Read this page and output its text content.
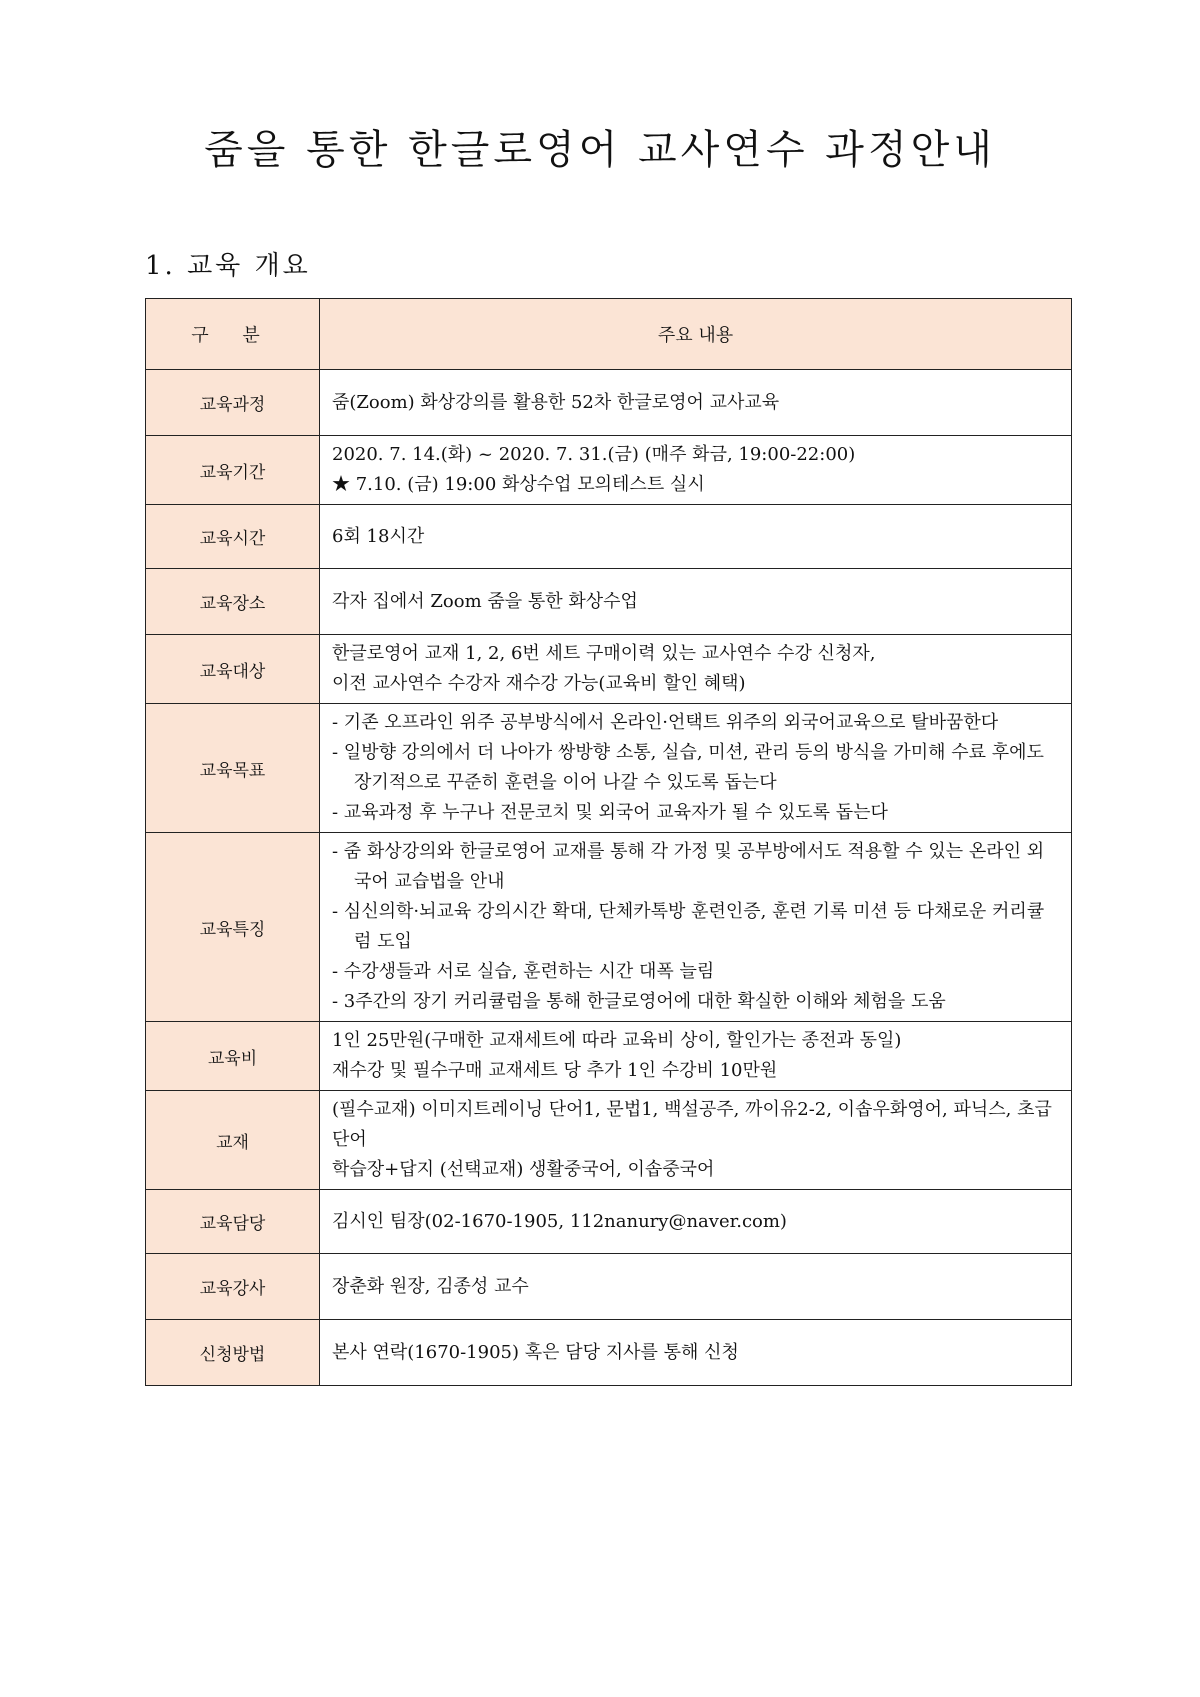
줌을 통한 한글로영어 교사연수 과정안내
1. 교육 개요
구 분	주요 내용
교육과정	줌(Zoom) 화상강의를 활용한 52차 한글로영어 교사교육

교육기간	2020. 7. 14.(화) ~ 2020. 7. 31.(금) (매주 화금, 19:00-22:00)
★ 7.10. (금) 19:00 화상수업 모의테스트 실시

교육시간	6회 18시간

교육장소	각자 집에서 Zoom 줌을 통한 화상수업

교육대상	한글로영어 교재 1, 2, 6번 세트 구매이력 있는 교사연수 수강 신청자,
이전 교사연수 수강자 재수강 가능(교육비 할인 혜택)

교육목표	- 기존 오프라인 위주 공부방식에서 온라인·언택트 위주의 외국어교육으로 탈바꿈한다
- 일방향 강의에서 더 나아가 쌍방향 소통, 실습, 미션, 관리 등의 방식을 가미해 수료 후에도 장기적으로 꾸준히 훈련을 이어 나갈 수 있도록 돕는다
- 교육과정 후 누구나 전문코치 및 외국어 교육자가 될 수 있도록 돕는다

교육특징	- 줌 화상강의와 한글로영어 교재를 통해 각 가정 및 공부방에서도 적용할 수 있는 온라인 외국어 교습법을 안내
- 심신의학·뇌교육 강의시간 확대, 단체카톡방 훈련인증, 훈련 기록 미션 등 다채로운 커리큘럼 도입
- 수강생들과 서로 실습, 훈련하는 시간 대폭 늘림
- 3주간의 장기 커리큘럼을 통해 한글로영어에 대한 확실한 이해와 체험을 도움

교육비	1인 25만원(구매한 교재세트에 따라 교육비 상이, 할인가는 종전과 동일)
재수강 및 필수구매 교재세트 당 추가 1인 수강비 10만원

교재	(필수교재) 이미지트레이닝 단어1, 문법1, 백설공주, 까이유2-2, 이솝우화영어, 파닉스, 초급단어
학습장+답지 (선택교재) 생활중국어, 이솝중국어

교육담당	김시인 팀장(02-1670-1905, 112nanury@naver.com)

교육강사	장춘화 원장, 김종성 교수

신청방법	본사 연락(1670-1905) 혹은 담당 지사를 통해 신청
